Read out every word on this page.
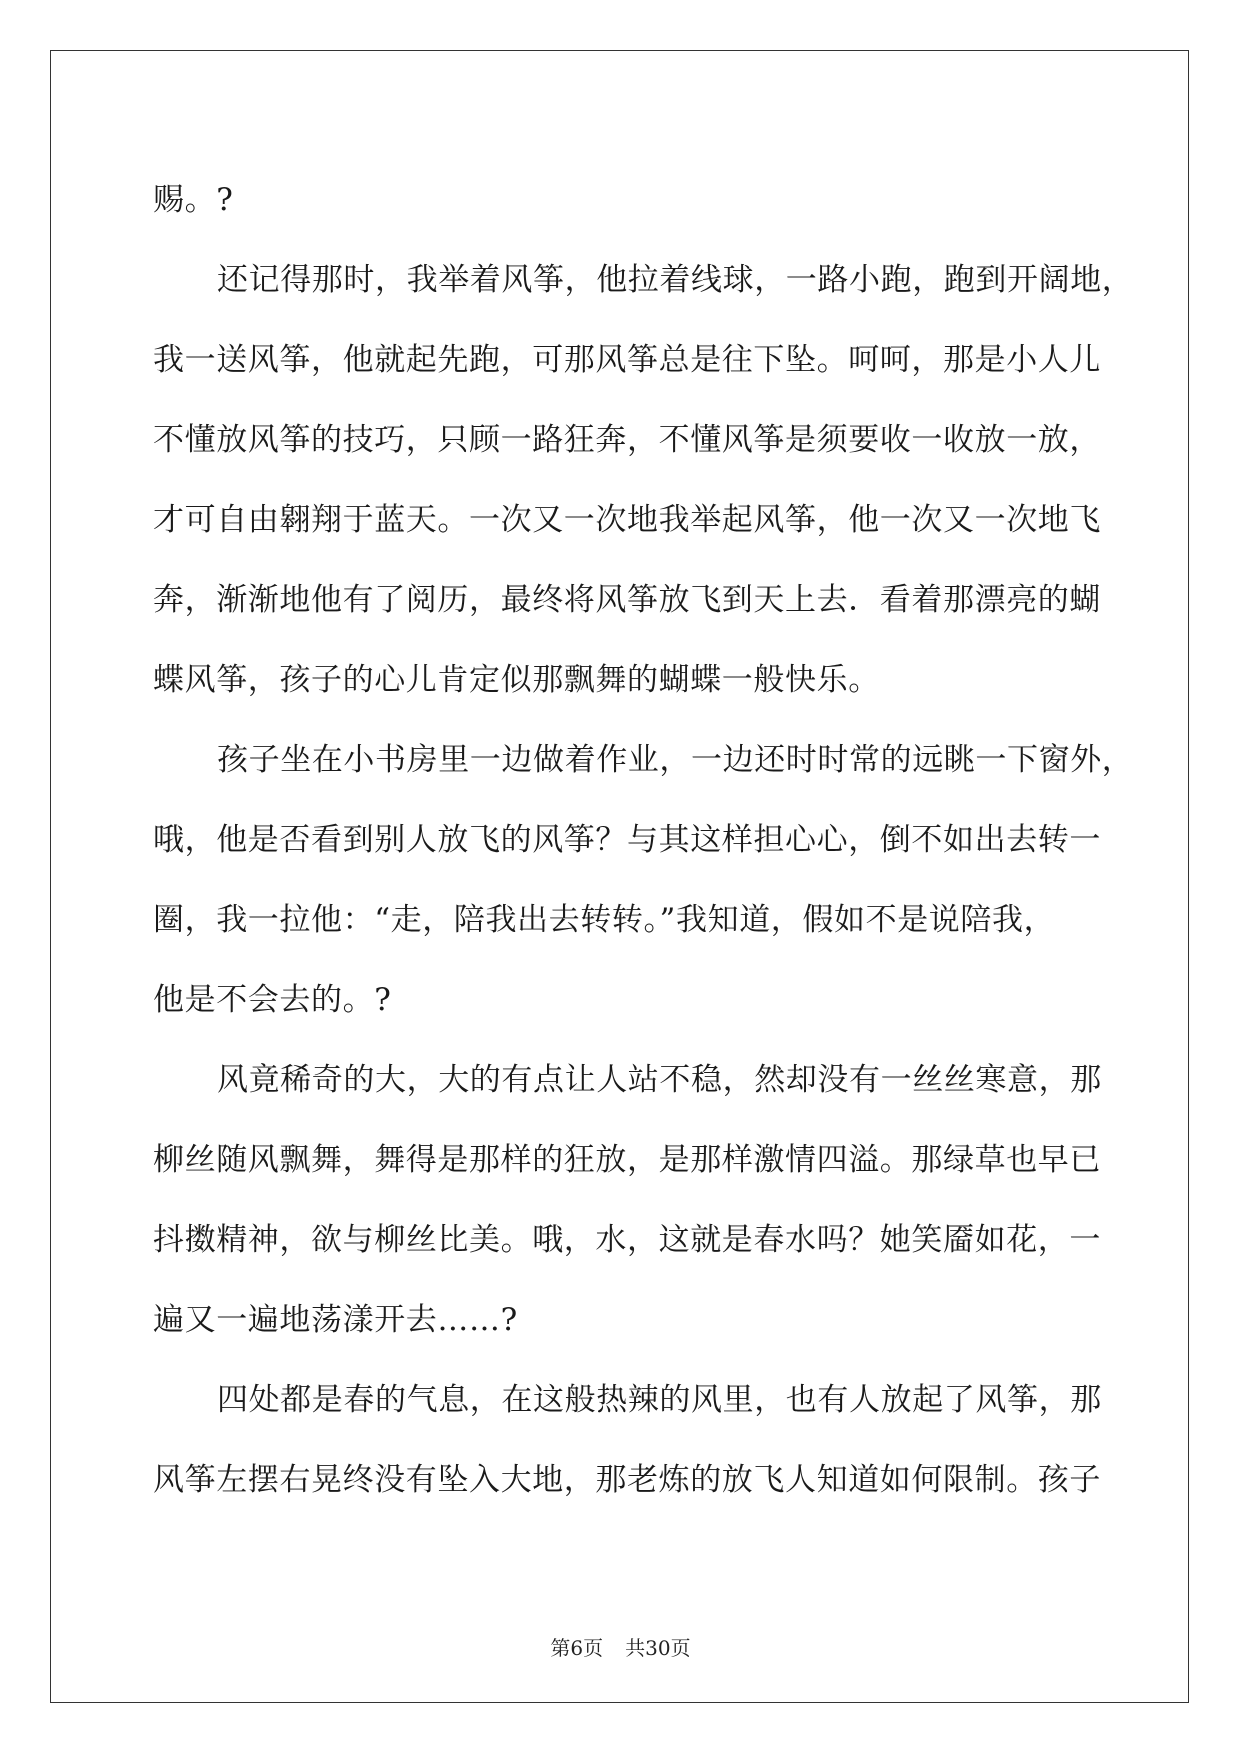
赐。?
还记得那时，我举着风筝，他拉着线球，一路小跑，跑到开阔地，
我一送风筝，他就起先跑，可那风筝总是往下坠。呵呵，那是小人儿
不懂放风筝的技巧，只顾一路狂奔，不懂风筝是须要收一收放一放，
才可自由翱翔于蓝天。一次又一次地我举起风筝，他一次又一次地飞
奔，渐渐地他有了阅历，最终将风筝放飞到天上去．看着那漂亮的蝴
蝶风筝，孩子的心儿肯定似那飘舞的蝴蝶一般快乐。
孩子坐在小书房里一边做着作业，一边还时时常的远眺一下窗外，
哦，他是否看到别人放飞的风筝？与其这样担心心，倒不如出去转一
圈，我一拉他：“走，陪我出去转转。”我知道，假如不是说陪我，
他是不会去的。?
风竟稀奇的大，大的有点让人站不稳，然却没有一丝丝寒意，那
柳丝随风飘舞，舞得是那样的狂放，是那样激情四溢。那绿草也早已
抖擞精神，欲与柳丝比美。哦，水，这就是春水吗？她笑靥如花，一
遍又一遍地荡漾开去……?
四处都是春的气息，在这般热辣的风里，也有人放起了风筝，那
风筝左摆右晃终没有坠入大地，那老炼的放飞人知道如何限制。孩子
第6页 共30页
